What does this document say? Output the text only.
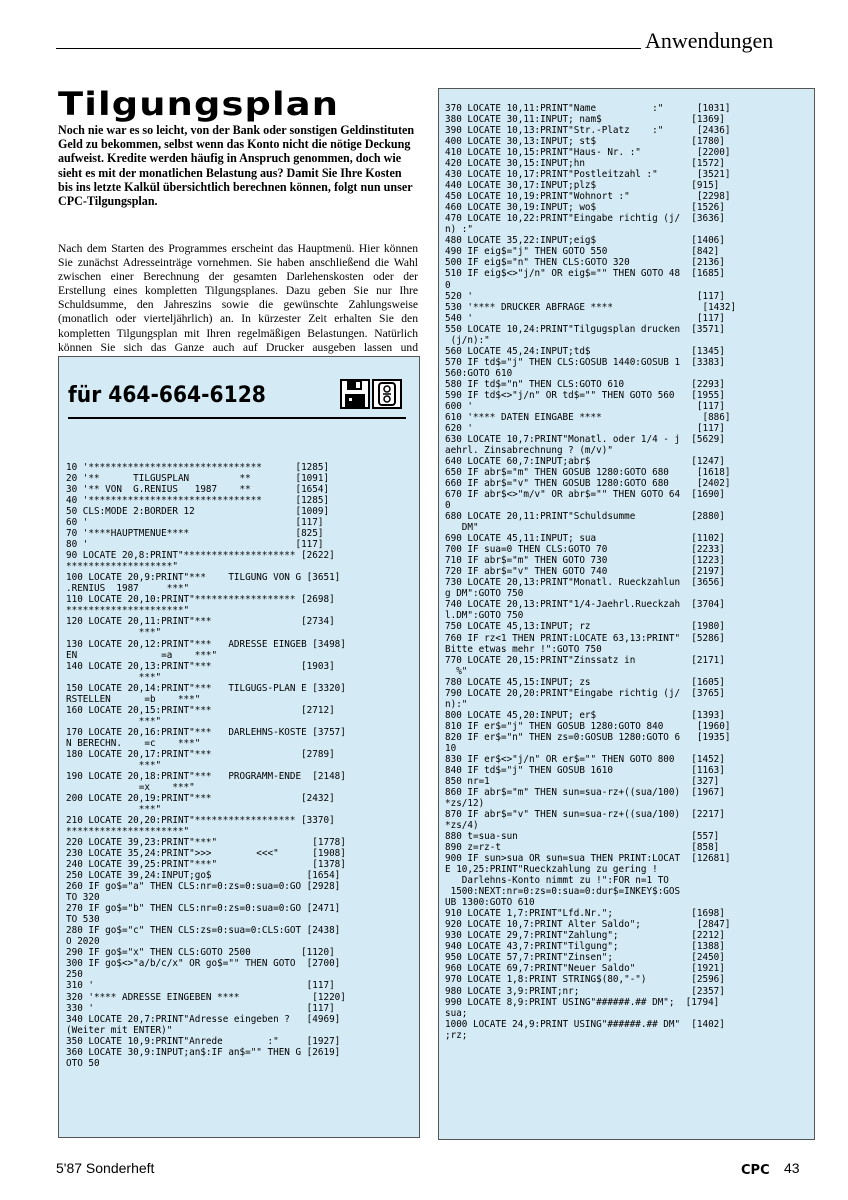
Anwendungen
Tilgungsplan
Noch nie war es so leicht, von der Bank oder sonstigen Geldinstituten Geld zu bekommen, selbst wenn das Konto nicht die nötige Deckung aufweist. Kredite werden häufig in Anspruch genommen, doch wie sieht es mit der monatlichen Belastung aus? Damit Sie Ihre Kosten bis ins letzte Kalkül übersichtlich berechnen können, folgt nun unser CPC-Tilgungsplan.
Nach dem Starten des Programmes erscheint das Hauptmenü. Hier können Sie zunächst Adresseinträge vornehmen. Sie haben anschließend die Wahl zwischen einer Berechnung der gesamten Darlehenskosten oder der Erstellung eines kompletten Tilgungsplanes. Dazu geben Sie nur Ihre Schuldsumme, den Jahreszins sowie die gewünschte Zahlungsweise (monatlich oder vierteljährlich) an. In kürzester Zeit erhalten Sie den kompletten Tilgungsplan mit Ihren regelmäßigen Belastungen. Natürlich können Sie sich das Ganze auch auf Drucker ausgeben lassen und
für 464-664-6128
10 '*******************************      [1285]
20 '**      TILGUSPLAN         **        [1091]
30 '** VON  G.RENIUS   1987    **        [1654]
40 '*******************************      [1285]
50 CLS:MODE 2:BORDER 12                  [1009]
60 '                                     [117]
70 '****HAUPTMENUE****                   [825]
80 '                                     [117]
90 LOCATE 20,8:PRINT"******************** [2622]
*******************"
100 LOCATE 20,9:PRINT"***    TILGUNG VON G [3651]
.RENIUS  1987     ***"
110 LOCATE 20,10:PRINT"****************** [2698]
*********************"
120 LOCATE 20,11:PRINT"***                [2734]
***"
130 LOCATE 20,12:PRINT"***   ADRESSE EINGEB [3498]
EN               =a    ***"
140 LOCATE 20,13:PRINT"***                [1903]
***"
150 LOCATE 20,14:PRINT"***   TILGUGS-PLAN E [3320]
RSTELLEN      =b    ***"
160 LOCATE 20,15:PRINT"***                [2712]
***"
170 LOCATE 20,16:PRINT"***   DARLEHNS-KOSTE [3757]
N BERECHN.    =c    ***"
180 LOCATE 20,17:PRINT"***                [2789]
***"
190 LOCATE 20,18:PRINT"***   PROGRAMM-ENDE  [2148]
=x    ***"
200 LOCATE 20,19:PRINT"***                [2432]
***"
210 LOCATE 20,20:PRINT"****************** [3370]
*********************"
220 LOCATE 39,23:PRINT"***"                 [1778]
230 LOCATE 35,24:PRINT">>>        <<<"      [1908]
240 LOCATE 39,25:PRINT"***"                 [1378]
250 LOCATE 39,24:INPUT;go$                 [1654]
260 IF go$="a" THEN CLS:nr=0:zs=0:sua=0:GO [2928]
TO 320
270 IF go$="b" THEN CLS:nr=0:zs=0:sua=0:GO [2471]
TO 530
280 IF go$="c" THEN CLS:zs=0:sua=0:CLS:GOT [2438]
O 2020
290 IF go$="x" THEN CLS:GOTO 2500         [1120]
300 IF go$<>"a/b/c/x" OR go$="" THEN GOTO  [2700]
250
310 '                                      [117]
320 '**** ADRESSE EINGEBEN ****             [1220]
330 '                                      [117]
340 LOCATE 20,7:PRINT"Adresse eingeben ?   [4969]
(Weiter mit ENTER)"
350 LOCATE 10,9:PRINT"Anrede        :"     [1927]
360 LOCATE 30,9:INPUT;an$:IF an$="" THEN G [2619]
OTO 50
370 LOCATE 10,11:PRINT"Name          :"      [1031]
380 LOCATE 30,11:INPUT; nam$                [1369]
390 LOCATE 10,13:PRINT"Str.-Platz    :"      [2436]
400 LOCATE 30,13:INPUT; st$                 [1780]
410 LOCATE 10,15:PRINT"Haus- Nr. :"          [2200]
420 LOCATE 30,15:INPUT;hn                   [1572]
430 LOCATE 10,17:PRINT"Postleitzahl :"       [3521]
440 LOCATE 30,17:INPUT;plz$                 [915]
450 LOCATE 10,19:PRINT"Wohnort :"            [2298]
460 LOCATE 30,19:INPUT; wo$                 [1526]
470 LOCATE 10,22:PRINT"Eingabe richtig (j/  [3636]
n) :"
480 LOCATE 35,22:INPUT;eig$                 [1406]
490 IF eig$="j" THEN GOTO 550               [842]
500 IF eig$="n" THEN CLS:GOTO 320           [2136]
510 IF eig$<>"j/n" OR eig$="" THEN GOTO 48  [1685]
0
520 '                                        [117]
530 '**** DRUCKER ABFRAGE ****                [1432]
540 '                                        [117]
550 LOCATE 10,24:PRINT"Tilgugsplan drucken  [3571]
(j/n):"
560 LOCATE 45,24:INPUT;td$                  [1345]
570 IF td$="j" THEN CLS:GOSUB 1440:GOSUB 1  [3383]
560:GOTO 610
580 IF td$="n" THEN CLS:GOTO 610            [2293]
590 IF td$<>"j/n" OR td$="" THEN GOTO 560   [1955]
600 '                                        [117]
610 '**** DATEN EINGABE ****                  [886]
620 '                                        [117]
630 LOCATE 10,7:PRINT"Monatl. oder 1/4 - j  [5629]
aehrl. Zinsabrechnung ? (m/v)"
640 LOCATE 60,7:INPUT;abr$                  [1247]
650 IF abr$="m" THEN GOSUB 1280:GOTO 680     [1618]
660 IF abr$="v" THEN GOSUB 1280:GOTO 680     [2402]
670 IF abr$<>"m/v" OR abr$="" THEN GOTO 64  [1690]
0
680 LOCATE 20,11:PRINT"Schuldsumme          [2880]
DM"
690 LOCATE 45,11:INPUT; sua                 [1102]
700 IF sua=0 THEN CLS:GOTO 70               [2233]
710 IF abr$="m" THEN GOTO 730               [1223]
720 IF abr$="v" THEN GOTO 740               [2197]
730 LOCATE 20,13:PRINT"Monatl. Rueckzahlun  [3656]
g DM":GOTO 750
740 LOCATE 20,13:PRINT"1/4-Jaehrl.Rueckzah  [3704]
l.DM":GOTO 750
750 LOCATE 45,13:INPUT; rz                  [1980]
760 IF rz<1 THEN PRINT:LOCATE 63,13:PRINT"  [5286]
Bitte etwas mehr !":GOTO 750
770 LOCATE 20,15:PRINT"Zinssatz in          [2171]
%"
780 LOCATE 45,15:INPUT; zs                  [1605]
790 LOCATE 20,20:PRINT"Eingabe richtig (j/  [3765]
n):"
800 LOCATE 45,20:INPUT; er$                 [1393]
810 IF er$="j" THEN GOSUB 1280:GOTO 840      [1960]
820 IF er$="n" THEN zs=0:GOSUB 1280:GOTO 6   [1935]
10
830 IF er$<>"j/n" OR er$="" THEN GOTO 800   [1452]
840 IF td$="j" THEN GOSUB 1610              [1163]
850 nr=1                                    [327]
860 IF abr$="m" THEN sun=sua-rz+((sua/100)  [1967]
*zs/12)
870 IF abr$="v" THEN sun=sua-rz+((sua/100)  [2217]
*zs/4)
880 t=sua-sun                               [557]
890 z=rz-t                                  [858]
900 IF sun>sua OR sun=sua THEN PRINT:LOCAT  [12681]
E 10,25:PRINT"Rueckzahlung zu gering !
Darlehns-Konto nimmt zu !":FOR n=1 TO
1500:NEXT:nr=0:zs=0:sua=0:dur$=INKEY$:GOS
UB 1300:GOTO 610
910 LOCATE 1,7:PRINT"Lfd.Nr.";              [1698]
920 LOCATE 10,7:PRINT Alter Saldo";          [2847]
930 LOCATE 29,7:PRINT"Zahlung";             [2212]
940 LOCATE 43,7:PRINT"Tilgung";             [1388]
950 LOCATE 57,7:PRINT"Zinsen";              [2450]
960 LOCATE 69,7:PRINT"Neuer Saldo"          [1921]
970 LOCATE 1,8:PRINT STRING$(80,"-")        [2596]
980 LOCATE 3,9:PRINT;nr;                    [2357]
990 LOCATE 8,9:PRINT USING"######.## DM";  [1794]
sua;
1000 LOCATE 24,9:PRINT USING"######.## DM"  [1402]
;rz;
5'87 Sonderheft	CPC 43
